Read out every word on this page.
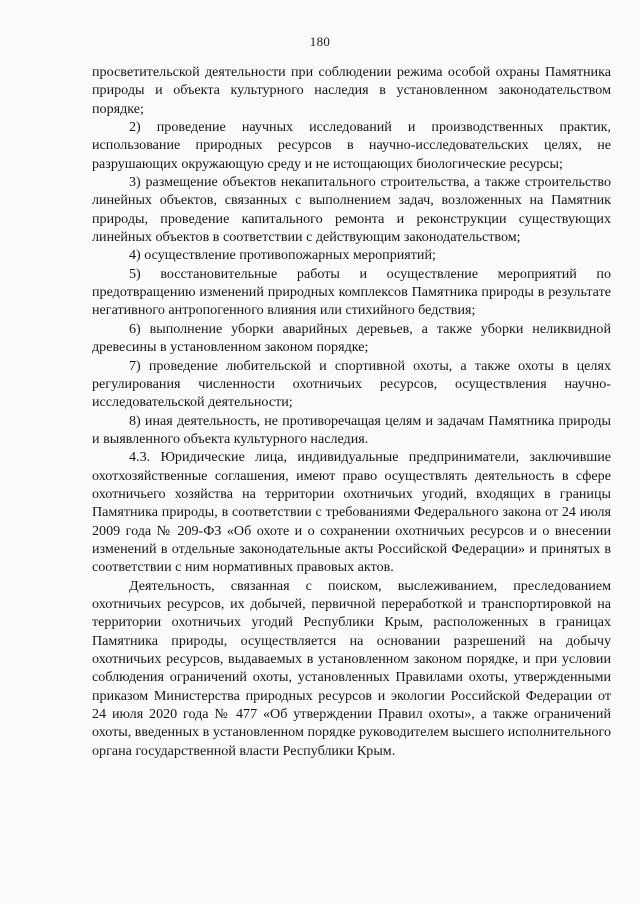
180

просветительской деятельности при соблюдении режима особой охраны Памятника природы и объекта культурного наследия в установленном законодательством порядке;

2) проведение научных исследований и производственных практик, использование природных ресурсов в научно-исследовательских целях, не разрушающих окружающую среду и не истощающих биологические ресурсы;

3) размещение объектов некапитального строительства, а также строительство линейных объектов, связанных с выполнением задач, возложенных на Памятник природы, проведение капитального ремонта и реконструкции существующих линейных объектов в соответствии с действующим законодательством;

4) осуществление противопожарных мероприятий;

5) восстановительные работы и осуществление мероприятий по предотвращению изменений природных комплексов Памятника природы в результате негативного антропогенного влияния или стихийного бедствия;

6) выполнение уборки аварийных деревьев, а также уборки неликвидной древесины в установленном законом порядке;

7) проведение любительской и спортивной охоты, а также охоты в целях регулирования численности охотничьих ресурсов, осуществления научно-исследовательской деятельности;

8) иная деятельность, не противоречащая целям и задачам Памятника природы и выявленного объекта культурного наследия.

4.3. Юридические лица, индивидуальные предприниматели, заключившие охотхозяйственные соглашения, имеют право осуществлять деятельность в сфере охотничьего хозяйства на территории охотничьих угодий, входящих в границы Памятника природы, в соответствии с требованиями Федерального закона от 24 июля 2009 года № 209-ФЗ «Об охоте и о сохранении охотничьих ресурсов и о внесении изменений в отдельные законодательные акты Российской Федерации» и принятых в соответствии с ним нормативных правовых актов.

Деятельность, связанная с поиском, выслеживанием, преследованием охотничьих ресурсов, их добычей, первичной переработкой и транспортировкой на территории охотничьих угодий Республики Крым, расположенных в границах Памятника природы, осуществляется на основании разрешений на добычу охотничьих ресурсов, выдаваемых в установленном законом порядке, и при условии соблюдения ограничений охоты, установленных Правилами охоты, утвержденными приказом Министерства природных ресурсов и экологии Российской Федерации от 24 июля 2020 года № 477 «Об утверждении Правил охоты», а также ограничений охоты, введенных в установленном порядке руководителем высшего исполнительного органа государственной власти Республики Крым.
